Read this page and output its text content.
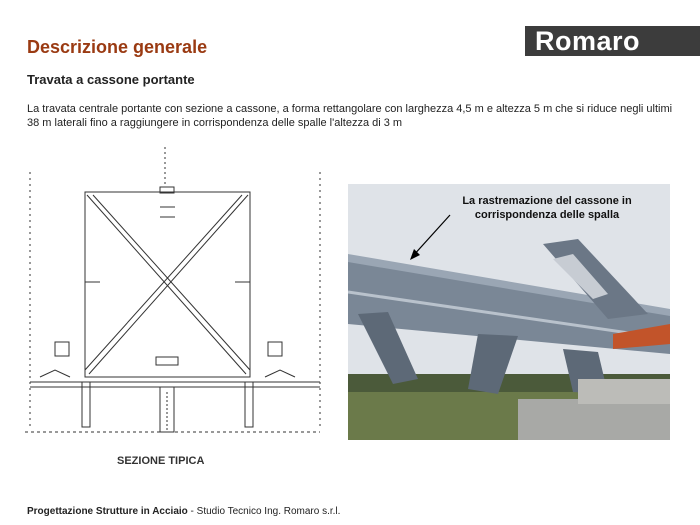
Descrizione generale	Romaro
Travata a cassone portante
La travata centrale portante con sezione a cassone, a forma rettangolare con larghezza 4,5 m e altezza 5 m che si riduce negli ultimi 38 m laterali fino a raggiungere in corrispondenza delle spalle l'altezza di 3 m
SEZIONE TIPICA
La rastremazione del cassone in corrispondenza delle spalla
Progettazione Strutture in Acciaio - Studio Tecnico Ing. Romaro s.r.l.
